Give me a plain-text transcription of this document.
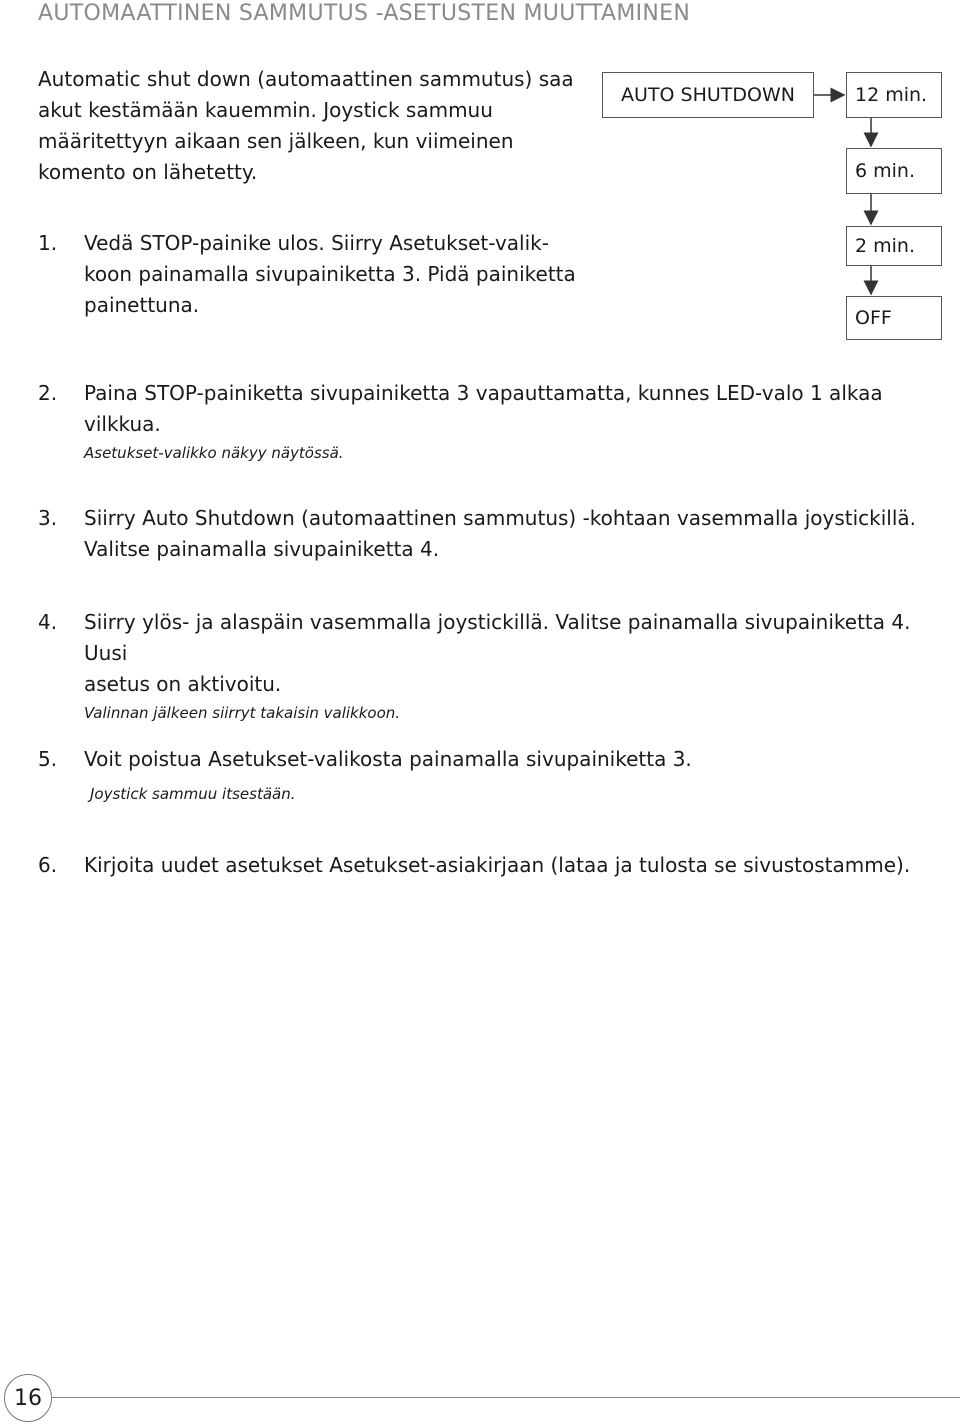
AUTOMAATTINEN SAMMUTUS -ASETUSTEN MUUTTAMINEN
Automatic shut down (automaattinen sammutus) saa
akut kestämään kauemmin. Joystick sammuu
määritettyyn aikaan sen jälkeen, kun viimeinen
komento on lähetetty.
AUTO SHUTDOWN	12 min.
6 min.
2 min.
OFF
1. Vedä STOP-painike ulos. Siirry Asetukset-valik-
koon painamalla sivupainiketta 3. Pidä painiketta
painettuna.
2. Paina STOP-painiketta sivupainiketta 3 vapauttamatta, kunnes LED-valo 1 alkaa
vilkkua.
Asetukset-valikko näkyy näytössä.
3. Siirry Auto Shutdown (automaattinen sammutus) -kohtaan vasemmalla joystickillä.
Valitse painamalla sivupainiketta 4.
4. Siirry ylös- ja alaspäin vasemmalla joystickillä. Valitse painamalla sivupainiketta 4. Uusi
asetus on aktivoitu.
Valinnan jälkeen siirryt takaisin valikkoon.
5. Voit poistua Asetukset-valikosta painamalla sivupainiketta 3.
Joystick sammuu itsestään.
6. Kirjoita uudet asetukset Asetukset-asiakirjaan (lataa ja tulosta se sivustostamme).
16
